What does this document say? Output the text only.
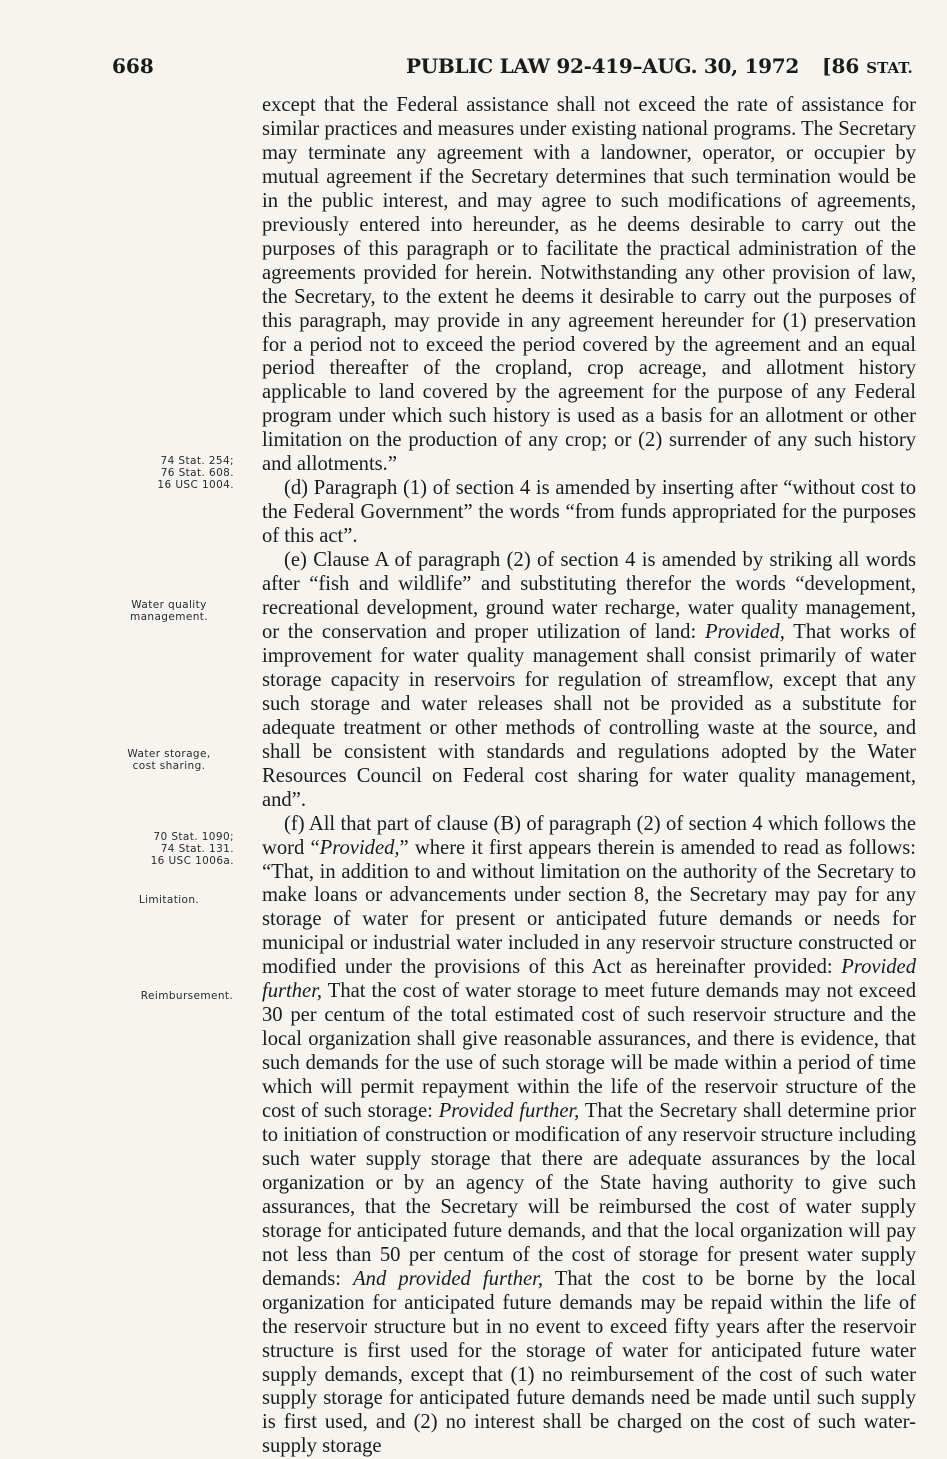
668	PUBLIC LAW 92-419–AUG. 30, 1972 [86 STAT.
74 Stat. 254;
76 Stat. 608.
16 USC 1004.
Water quality
management.
Water storage,
cost sharing.
70 Stat. 1090;
74 Stat. 131.
16 USC 1006a.
Limitation.
Reimbursement.

except that the Federal assistance shall not exceed the rate of assistance for similar practices and measures under existing national programs. The Secretary may terminate any agreement with a landowner, operator, or occupier by mutual agreement if the Secretary determines that such termination would be in the public interest, and may agree to such modifications of agreements, previously entered into hereunder, as he deems desirable to carry out the purposes of this paragraph or to facilitate the practical administration of the agreements provided for herein. Notwithstanding any other provision of law, the Secretary, to the extent he deems it desirable to carry out the purposes of this paragraph, may provide in any agreement hereunder for (1) preservation for a period not to exceed the period covered by the agreement and an equal period thereafter of the cropland, crop acreage, and allotment history applicable to land covered by the agreement for the purpose of any Federal program under which such history is used as a basis for an allotment or other limitation on the production of any crop; or (2) surrender of any such history and allotments.”

(d) Paragraph (1) of section 4 is amended by inserting after “without cost to the Federal Government” the words “from funds appropriated for the purposes of this act”.

(e) Clause A of paragraph (2) of section 4 is amended by striking all words after “fish and wildlife” and substituting therefor the words “development, recreational development, ground water recharge, water quality management, or the conservation and proper utilization of land: Provided, That works of improvement for water quality management shall consist primarily of water storage capacity in reservoirs for regulation of streamflow, except that any such storage and water releases shall not be provided as a substitute for adequate treatment or other methods of controlling waste at the source, and shall be consistent with standards and regulations adopted by the Water Resources Council on Federal cost sharing for water quality management, and”.

(f) All that part of clause (B) of paragraph (2) of section 4 which follows the word “Provided,” where it first appears therein is amended to read as follows: “That, in addition to and without limitation on the authority of the Secretary to make loans or advancements under section 8, the Secretary may pay for any storage of water for present or anticipated future demands or needs for municipal or industrial water included in any reservoir structure constructed or modified under the provisions of this Act as hereinafter provided: Provided further, That the cost of water storage to meet future demands may not exceed 30 per centum of the total estimated cost of such reservoir structure and the local organization shall give reasonable assurances, and there is evidence, that such demands for the use of such storage will be made within a period of time which will permit repayment within the life of the reservoir structure of the cost of such storage: Provided further, That the Secretary shall determine prior to initiation of construction or modification of any reservoir structure including such water supply storage that there are adequate assurances by the local organization or by an agency of the State having authority to give such assurances, that the Secretary will be reimbursed the cost of water supply storage for anticipated future demands, and that the local organization will pay not less than 50 per centum of the cost of storage for present water supply demands: And provided further, That the cost to be borne by the local organization for anticipated future demands may be repaid within the life of the reservoir structure but in no event to exceed fifty years after the reservoir structure is first used for the storage of water for anticipated future water supply demands, except that (1) no reimbursement of the cost of such water supply storage for anticipated future demands need be made until such supply is first used, and (2) no interest shall be charged on the cost of such water-supply storage
